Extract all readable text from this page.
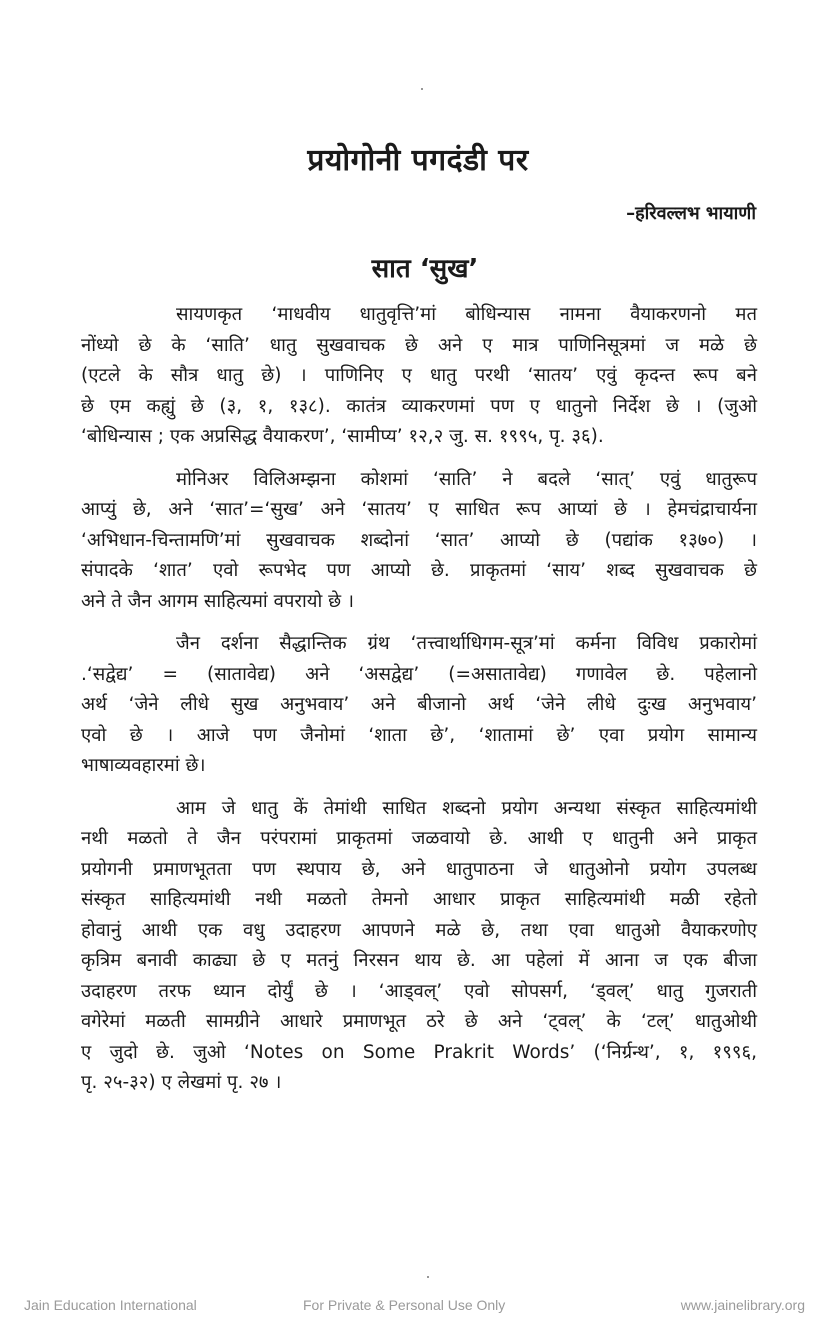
प्रयोगोनी पगदंडी पर
–हरिवल्लभ भायाणी
सात ‘सुख’

सायणकृत ‘माधवीय धातुवृत्ति’मां बोधिन्यास नामना वैयाकरणनो मत
नोंध्यो छे के ‘साति’ धातु सुखवाचक छे अने ए मात्र पाणिनिसूत्रमां ज मळे छे
(एटले के सौत्र धातु छे) । पाणिनिए ए धातु परथी ‘सातय’ एवुं कृदन्त रूप बने
छे एम कह्युं छे (३, १, १३८). कातंत्र व्याकरणमां पण ए धातुनो निर्देश छे । (जुओ
‘बोधिन्यास ; एक अप्रसिद्ध वैयाकरण’, ‘सामीप्य’ १२,२ जु. स. १९९५, पृ. ३६).

मोनिअर विलिअम्झना कोशमां ‘साति’ ने बदले ‘सात्’ एवुं धातुरूप
आप्युं छे, अने ‘सात’=‘सुख’ अने ‘सातय’ ए साधित रूप आप्यां छे । हेमचंद्राचार्यना
‘अभिधान-चिन्तामणि’मां सुखवाचक शब्दोनां ‘सात’ आप्यो छे (पद्यांक १३७०) ।
संपादके ‘शात’ एवो रूपभेद पण आप्यो छे. प्राकृतमां ‘साय’ शब्द सुखवाचक छे
अने ते जैन आगम साहित्यमां वपरायो छे ।

जैन दर्शना सैद्धान्तिक ग्रंथ ‘तत्त्वार्थाधिगम-सूत्र’मां कर्मना विविध प्रकारोमां
.‘सद्वेद्य’ = (सातावेद्य) अने ‘असद्वेद्य’ (=असातावेद्य) गणावेल छे. पहेलानो
अर्थ ‘जेने लीधे सुख अनुभवाय’ अने बीजानो अर्थ ‘जेने लीधे दुःख अनुभवाय’
एवो छे । आजे पण जैनोमां ‘शाता छे’, ‘शातामां छे’ एवा प्रयोग सामान्य
भाषाव्यवहारमां छे।

आम जे धातु कें तेमांथी साधित शब्दनो प्रयोग अन्यथा संस्कृत साहित्यमांथी
नथी मळतो ते जैन परंपरामां प्राकृतमां जळवायो छे. आथी ए धातुनी अने प्राकृत
प्रयोगनी प्रमाणभूतता पण स्थपाय छे, अने धातुपाठना जे धातुओनो प्रयोग उपलब्ध
संस्कृत साहित्यमांथी नथी मळतो तेमनो आधार प्राकृत साहित्यमांथी मळी रहेतो
होवानुं आथी एक वधु उदाहरण आपणने मळे छे, तथा एवा धातुओ वैयाकरणोए
कृत्रिम बनावी काढ्या छे ए मतनुं निरसन थाय छे. आ पहेलां में आना ज एक बीजा
उदाहरण तरफ ध्यान दोर्युं छे । ‘आड्वल्’ एवो सोपसर्ग, ‘ड्वल्’ धातु गुजराती
वगेरेमां मळती सामग्रीने आधारे प्रमाणभूत ठरे छे अने ‘ट्वल्’ के ‘टल्’ धातुओथी
ए जुदो छे. जुओ ‘Notes on Some Prakrit Words’ (‘निर्ग्रन्थ’, १, १९९६,
पृ. २५-३२) ए लेखमां पृ. २७ ।

Jain Education International	For Private & Personal Use Only	www.jainelibrary.org
